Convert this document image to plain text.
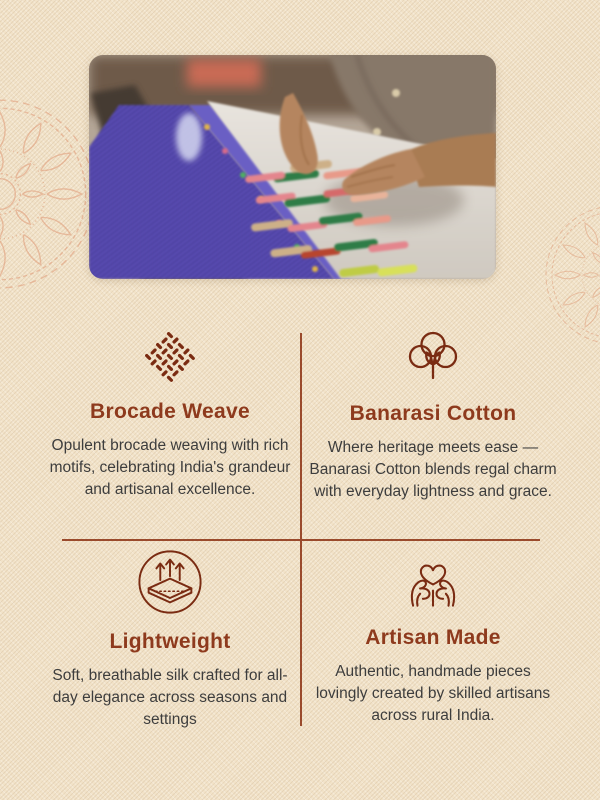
Brocade Weave

Opulent brocade weaving with rich motifs, celebrating India's grandeur and artisanal excellence.

Banarasi Cotton

Where heritage meets ease —Banarasi Cotton blends regal charm with everyday lightness and grace.

Lightweight

Soft, breathable silk crafted for all-day elegance across seasons and settings

Artisan Made

Authentic, handmade pieces lovingly created by skilled artisans across rural India.
